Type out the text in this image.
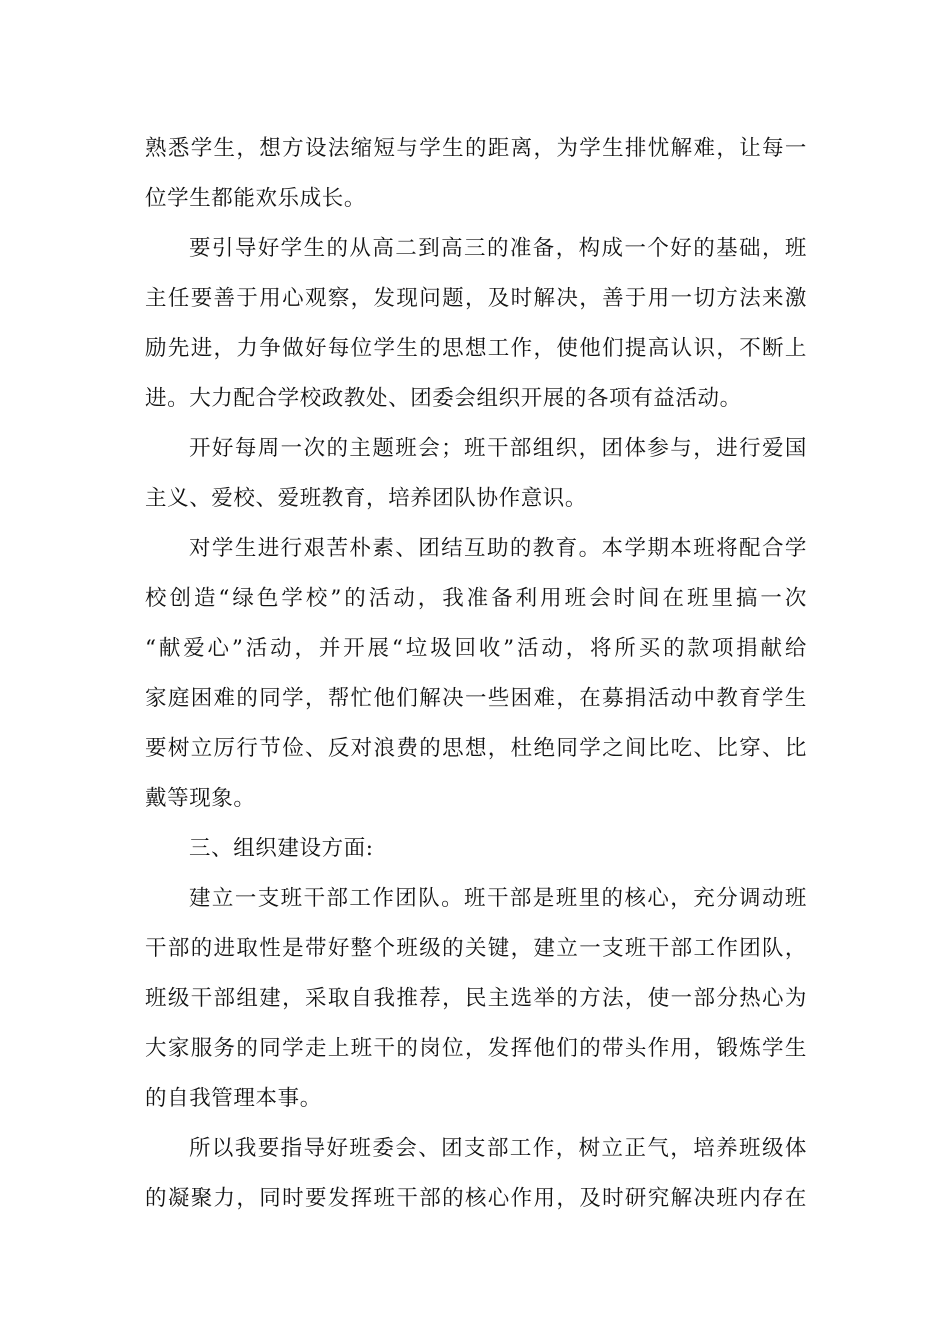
熟悉学生，想方设法缩短与学生的距离，为学生排忧解难，让每一
位学生都能欢乐成长。
要引导好学生的从高二到高三的准备，构成一个好的基础，班
主任要善于用心观察，发现问题，及时解决，善于用一切方法来激
励先进，力争做好每位学生的思想工作，使他们提高认识，不断上
进。大力配合学校政教处、团委会组织开展的各项有益活动。
开好每周一次的主题班会；班干部组织，团体参与，进行爱国
主义、爱校、爱班教育，培养团队协作意识。
对学生进行艰苦朴素、团结互助的教育。本学期本班将配合学
校创造“绿色学校”的活动，我准备利用班会时间在班里搞一次
“献爱心”活动，并开展“垃圾回收”活动，将所买的款项捐献给
家庭困难的同学，帮忙他们解决一些困难，在募捐活动中教育学生
要树立厉行节俭、反对浪费的思想，杜绝同学之间比吃、比穿、比
戴等现象。
三、组织建设方面:
建立一支班干部工作团队。班干部是班里的核心，充分调动班
干部的进取性是带好整个班级的关键，建立一支班干部工作团队，
班级干部组建，采取自我推荐，民主选举的方法，使一部分热心为
大家服务的同学走上班干的岗位，发挥他们的带头作用，锻炼学生
的自我管理本事。
所以我要指导好班委会、团支部工作，树立正气，培养班级体
的凝聚力，同时要发挥班干部的核心作用，及时研究解决班内存在
